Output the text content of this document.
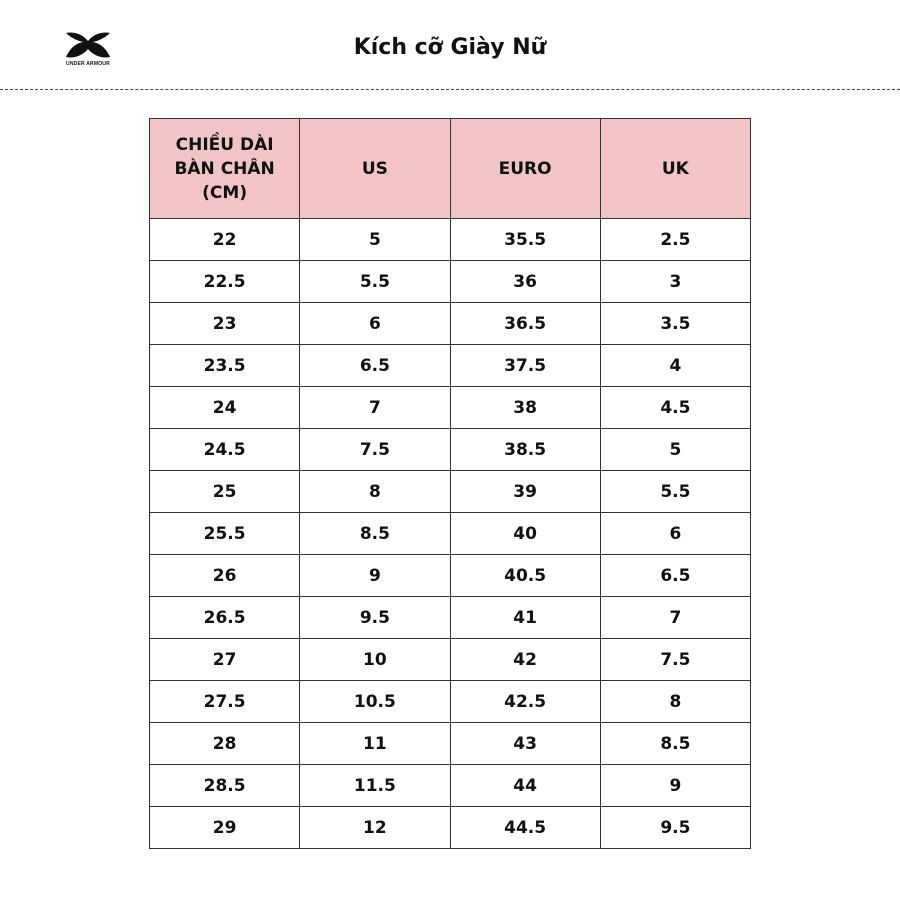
UNDER ARMOUR
Kích cỡ Giày Nữ
CHIỀU DÀI BÀN CHÂN (CM)	US	EURO	UK
22	5	35.5	2.5
22.5	5.5	36	3
23	6	36.5	3.5
23.5	6.5	37.5	4
24	7	38	4.5
24.5	7.5	38.5	5
25	8	39	5.5
25.5	8.5	40	6
26	9	40.5	6.5
26.5	9.5	41	7
27	10	42	7.5
27.5	10.5	42.5	8
28	11	43	8.5
28.5	11.5	44	9
29	12	44.5	9.5
